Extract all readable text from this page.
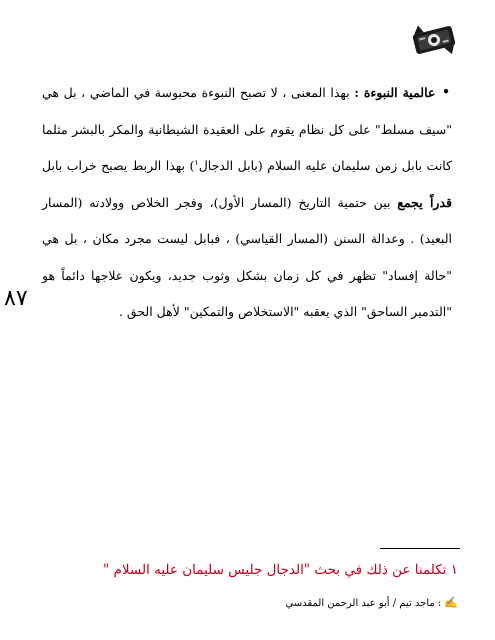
٨٧
• عالمية النبوءة : بهذا المعنى ، لا تصبح النبوءة محبوسة في الماضي ، بل هي "سيف مسلط" على كل نظام يقوم على العقيدة الشيطانية والمكر بالبشر مثلما كانت بابل زمن سليمان عليه السلام (بابل الدجال$^١$) بهذا الربط يصبح خراب بابل قدراً يجمع بين حتمية التاريخ (المسار الأول)، وفجر الخلاص وولادته (المسار البعيد) . وعدالة السنن (المسار القياسي) ، فبابل ليست مجرد مكان ، بل هي "حالة إفساد" تظهر في كل زمان بشكل وثوب جديد، ويكون علاجها دائماً هو "التدمير الساحق" الذي يعقبه "الاستخلاص والتمكين" لأهل الحق .
١ تكلمنا عن ذلك في بحث "الدجال جليس سليمان عليه السلام "
✍: ماجد تيم / أبو عبد الرحمن المقدسي
